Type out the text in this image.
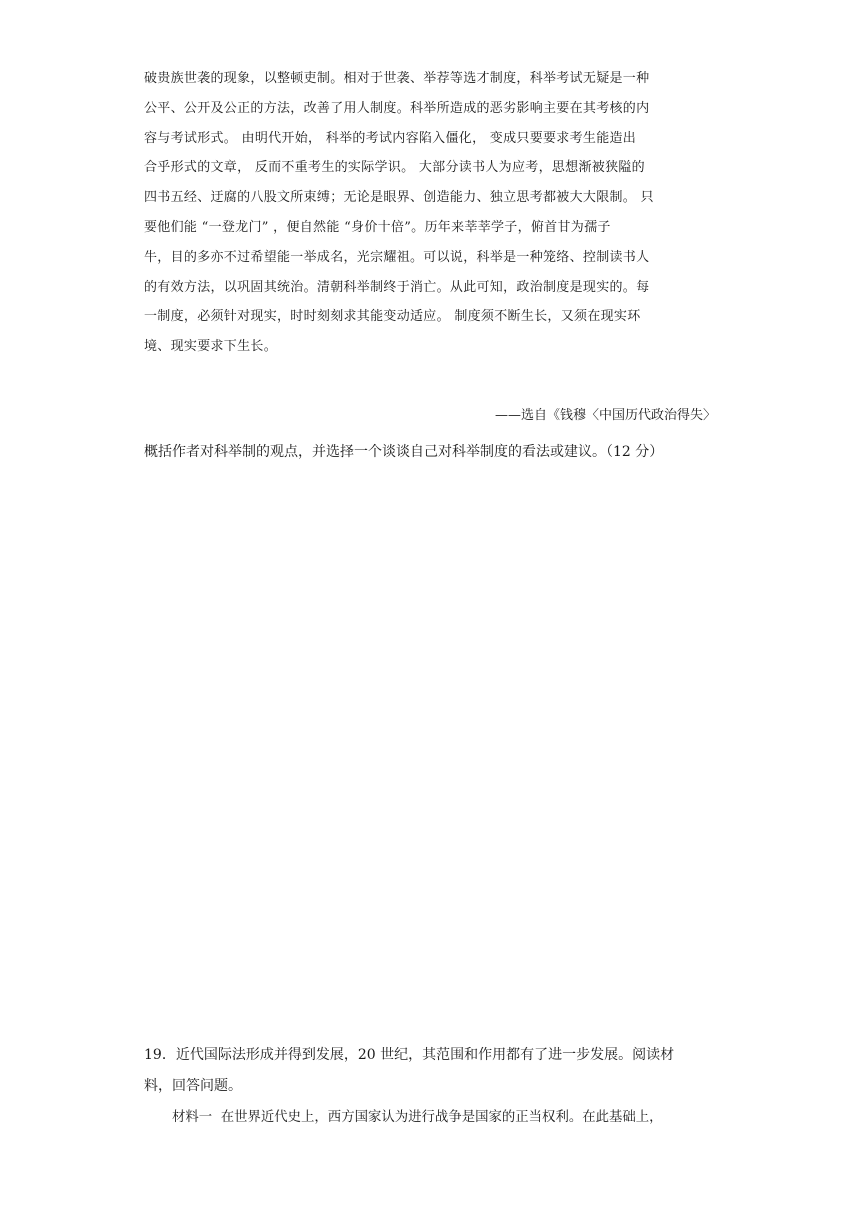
破贵族世袭的现象，以整顿吏制。相对于世袭、举荐等选才制度，科举考试无疑是一种
公平、公开及公正的方法，改善了用人制度。科举所造成的恶劣影响主要在其考核的内
容与考试形式。 由明代开始， 科举的考试内容陷入僵化， 变成只要要求考生能造出
合乎形式的文章， 反而不重考生的实际学识。 大部分读书人为应考，思想渐被狭隘的
四书五经、迂腐的八股文所束缚；无论是眼界、创造能力、独立思考都被大大限制。 只
要他们能 “一登龙门” ，便自然能 “身价十倍”。历年来莘莘学子，俯首甘为孺子
牛，目的多亦不过希望能一举成名，光宗耀祖。可以说，科举是一种笼络、控制读书人
的有效方法，以巩固其统治。清朝科举制终于消亡。从此可知，政治制度是现实的。每
一制度，必须针对现实，时时刻刻求其能变动适应。 制度须不断生长，又须在现实环
境、现实要求下生长。
——选自《钱穆〈中国历代政治得失〉
概括作者对科举制的观点，并选择一个谈谈自己对科举制度的看法或建议。（12 分）
19．近代国际法形成并得到发展，20 世纪，其范围和作用都有了进一步发展。阅读材
料，回答问题。
材料一 在世界近代史上，西方国家认为进行战争是国家的正当权利。在此基础上，
